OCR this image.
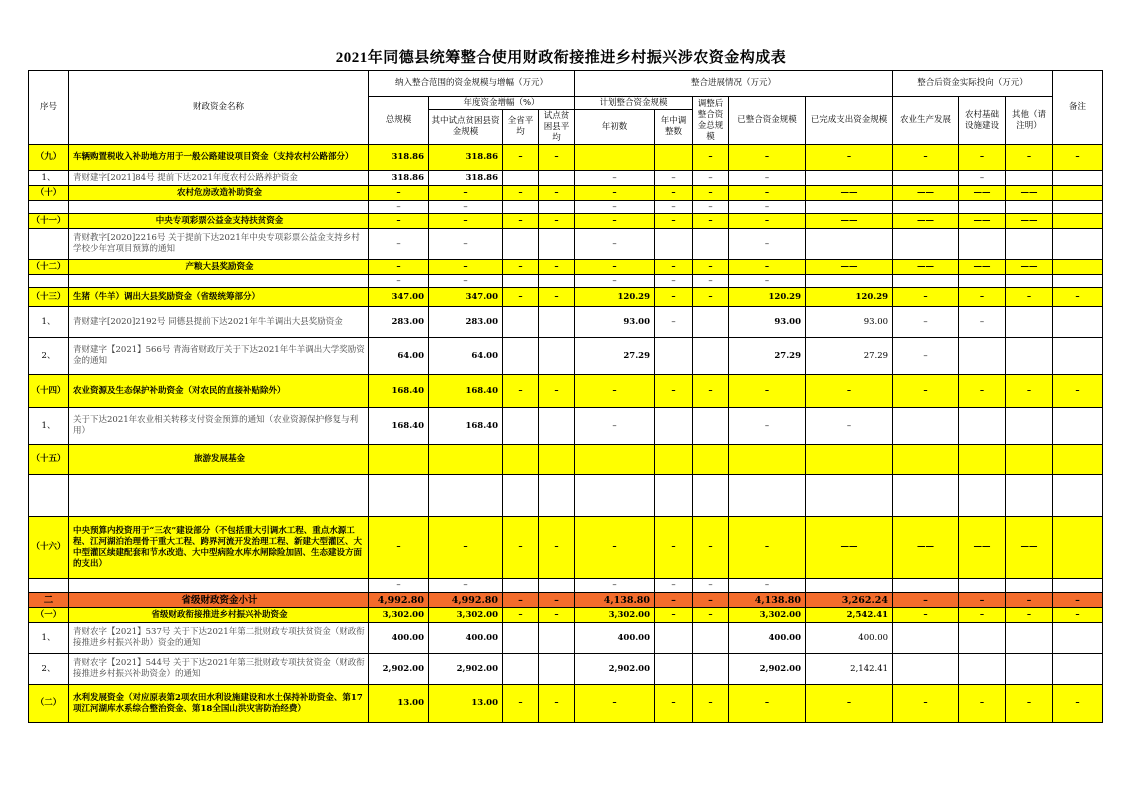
2021年同德县统筹整合使用财政衔接推进乡村振兴涉农资金构成表
序号	财政资金名称	纳入整合范围的资金规模与增幅（万元）				整合进展情况（万元）					整合后资金实际投向（万元）			备注
		总规模	年度资金增幅（%）			计划整合资金规模		调整后整合资金总规模	已整合资金规模	已完成支出资金规模	农业生产发展	农村基础设施建设	其他（请注明）	
			其中试点贫困县资金规模	全省平均	试点贫困县平均	年初数	年中调整数							
（九）	车辆购置税收入补助地方用于一般公路建设项目资金（支持农村公路部分）	318.86	318.86	–	–			–	–	–	–	–	–	–
1、	青财建字[2021]84号 提前下达2021年度农村公路养护资金	318.86	318.86			–	–	–	–			–		
（十）	农村危房改造补助资金	–	–	–	–	–	–	–	–	——	——	——	——	
		–	–			–	–	–	–					
（十一）	中央专项彩票公益金支持扶贫资金	–	–	–	–	–	–	–	–	——	——	——	——	
	青财教字[2020]2216号 关于提前下达2021年中央专项彩票公益金支持乡村学校少年宫项目预算的通知	–	–			–			–					
（十二）	产粮大县奖励资金	–	–	–	–	–	–	–	–	——	——	——	——	
		–	–			–	–	–	–					
（十三）	生猪（牛羊）调出大县奖励资金（省级统筹部分）	347.00	347.00	–	–	120.29	–	–	120.29	120.29	–	–	–	–
1、	青财建字[2020]2192号 同德县提前下达2021年牛羊调出大县奖励资金	283.00	283.00			93.00	–		93.00	93.00	–	–		
2、	青财建字【2021】566号 青海省财政厅关于下达2021年牛羊调出大学奖励资金的通知	64.00	64.00			27.29			27.29	27.29	–			
（十四）	农业资源及生态保护补助资金（对农民的直接补贴除外）	168.40	168.40	–	–	–	–	–	–	–	–	–	–	–
1、	关于下达2021年农业相关转移支付资金预算的通知（农业资源保护修复与利用）	168.40	168.40			–			–	–				
（十五）	旅游发展基金													

（十六）	中央预算内投资用于“三农”建设部分（不包括重大引调水工程、重点水源工程、江河湖泊治理骨干重大工程、跨界河流开发治理工程、新建大型灌区、大中型灌区续建配套和节水改造、大中型病险水库水闸除险加固、生态建设方面的支出）	–	–	–	–	–	–	–	–	——	——	——	——	
		–	–			–	–	–	–					
二	省级财政资金小计	4,992.80	4,992.80	–	–	4,138.80	–	–	4,138.80	3,262.24	–	–	–	–
（一）	省级财政衔接推进乡村振兴补助资金	3,302.00	3,302.00	–	–	3,302.00	–	–	3,302.00	2,542.41	–	–	–	–
1、	青财农字【2021】537号 关于下达2021年第二批财政专项扶贫资金（财政衔接推进乡村振兴补助）资金的通知	400.00	400.00			400.00			400.00	400.00				
2、	青财农字【2021】544号 关于下达2021年第三批财政专项扶贫资金（财政衔接推进乡村振兴补助资金）的通知	2,902.00	2,902.00			2,902.00			2,902.00	2,142.41				
（二）	水利发展资金（对应原表第2项农田水利设施建设和水土保持补助资金、第17项江河湖库水系综合整治资金、第18全国山洪灾害防治经费）	13.00	13.00	–	–	–	–	–	–	–	–	–	–	–
